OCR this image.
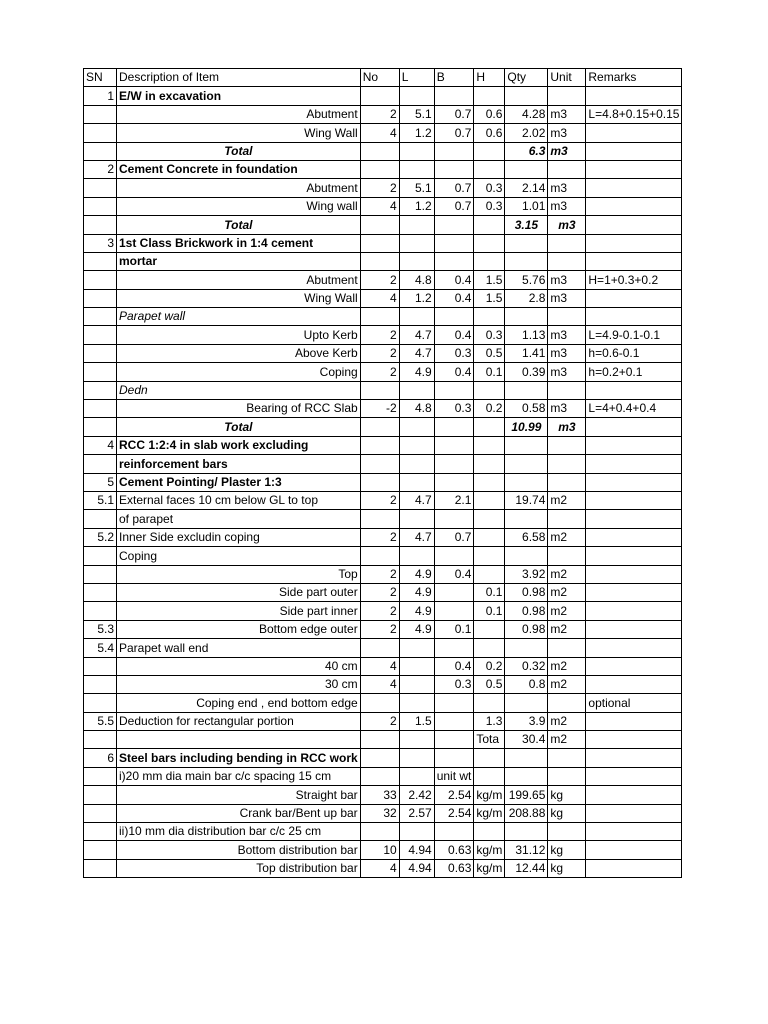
SN	Description of Item	No	L	B	H	Qty	Unit	Remarks
1	E/W in excavation							
	Abutment	2	5.1	0.7	0.6	4.28	m3	L=4.8+0.15+0.15
	Wing Wall	4	1.2	0.7	0.6	2.02	m3	
	Total					6.3	m3	
2	Cement Concrete in foundation							
	Abutment	2	5.1	0.7	0.3	2.14	m3	
	Wing wall	4	1.2	0.7	0.3	1.01	m3	
	Total					3.15	m3	
3	1st Class Brickwork in 1:4 cement							
	mortar							
	Abutment	2	4.8	0.4	1.5	5.76	m3	H=1+0.3+0.2
	Wing Wall	4	1.2	0.4	1.5	2.8	m3	
	Parapet wall							
	Upto Kerb	2	4.7	0.4	0.3	1.13	m3	L=4.9-0.1-0.1
	Above Kerb	2	4.7	0.3	0.5	1.41	m3	h=0.6-0.1
	Coping	2	4.9	0.4	0.1	0.39	m3	h=0.2+0.1
	Dedn							
	Bearing of RCC Slab	-2	4.8	0.3	0.2	0.58	m3	L=4+0.4+0.4
	Total					10.99	m3	
4	RCC 1:2:4 in slab work excluding							
	reinforcement bars							
5	Cement Pointing/ Plaster 1:3							
5.1	External faces 10 cm below GL to top	2	4.7	2.1		19.74	m2	
	of parapet							
5.2	Inner Side excludin coping	2	4.7	0.7		6.58	m2	
	Coping							
	Top	2	4.9	0.4		3.92	m2	
	Side part outer	2	4.9		0.1	0.98	m2	
	Side part inner	2	4.9		0.1	0.98	m2	
5.3	Bottom edge outer	2	4.9	0.1		0.98	m2	
5.4	Parapet wall end							
	40 cm	4		0.4	0.2	0.32	m2	
	30 cm	4		0.3	0.5	0.8	m2	
	Coping end , end bottom edge							optional
5.5	Deduction for rectangular portion	2	1.5		1.3	3.9	m2	
					Tota	30.4	m2	
6	Steel bars including bending in RCC work							
	i)20 mm dia main bar c/c spacing 15 cm			unit wt				
	Straight bar	33	2.42	2.54	kg/m	199.65	kg	
	Crank bar/Bent up bar	32	2.57	2.54	kg/m	208.88	kg	
	ii)10 mm dia distribution bar c/c 25 cm							
	Bottom distribution bar	10	4.94	0.63	kg/m	31.12	kg	
	Top distribution bar	4	4.94	0.63	kg/m	12.44	kg	
